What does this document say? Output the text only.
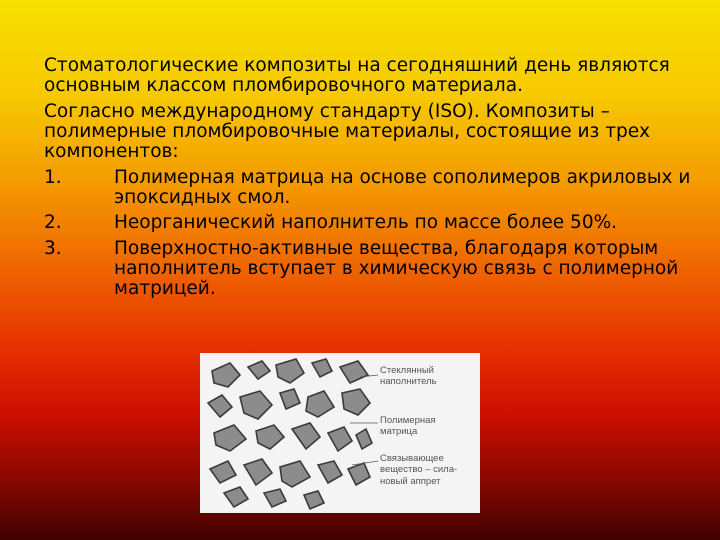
Стоматологические композиты на сегодняшний день являются основным классом пломбировочного материала.

Согласно международному стандарту (ISO). Композиты – полимерные пломбировочные материалы, состоящие из трех компонентов:

1.	Полимерная матрица на основе сополимеров акриловых и эпоксидных смол.

2.	Неорганический наполнитель по массе более 50%.

3.	Поверхностно-активные вещества, благодаря которым наполнитель вступает в химическую связь с полимерной матрицей.

Стеклянный
наполнитель
Полимерная
матрица
Связывающее
вещество – сила-
новый аппрет
